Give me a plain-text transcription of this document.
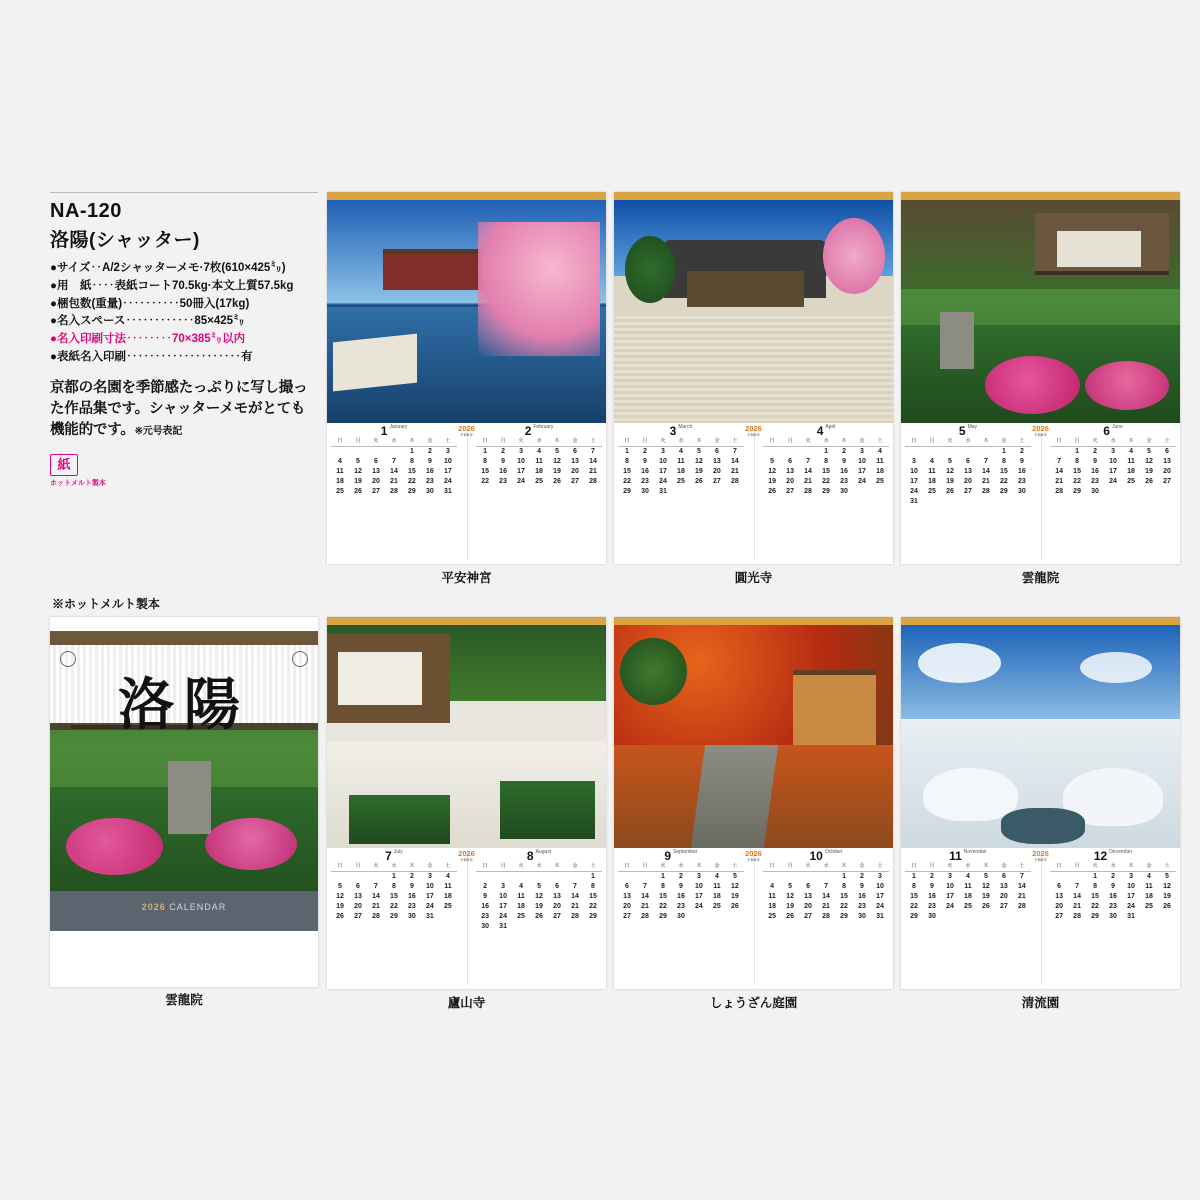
NA-120
洛陽(シャッター)
●サイズ‥A/2シャッターメモ·7枚(610×425㍉)
●用　紙‥‥表紙コート70.5kg·本文上質57.5kg
●梱包数(重量)‥‥‥‥‥50冊入(17kg)
●名入スペース‥‥‥‥‥‥85×425㍉
●名入印刷寸法‥‥‥‥70×385㍉以内
●表紙名入印刷‥‥‥‥‥‥‥‥‥‥有
京都の名園を季節感たっぷりに写し撮った作品集です。シャッターメモがとても機能的です。※元号表記
紙
ホットメルト製本
※ホットメルト製本
洛陽
2026 CALENDAR
雲龍院
2026
令和8年
1 $^{January}$
日	月	火	水	木	金	土
				1	2	3
4	5	6	7	8	9	10
11	12	13	14	15	16	17
18	19	20	21	22	23	24
25	26	27	28	29	30	31
2 $^{February}$
日	月	火	水	木	金	土
1	2	3	4	5	6	7
8	9	10	11	12	13	14
15	16	17	18	19	20	21
22	23	24	25	26	27	28
平安神宮
2026
令和8年
3 $^{March}$
日	月	火	水	木	金	土
1	2	3	4	5	6	7
8	9	10	11	12	13	14
15	16	17	18	19	20	21
22	23	24	25	26	27	28
29	30	31				
4 $^{April}$
日	月	火	水	木	金	土
			1	2	3	4
5	6	7	8	9	10	11
12	13	14	15	16	17	18
19	20	21	22	23	24	25
26	27	28	29	30		
圓光寺
2026
令和8年
5 $^{May}$
日	月	火	水	木	金	土
					1	2
3	4	5	6	7	8	9
10	11	12	13	14	15	16
17	18	19	20	21	22	23
24	25	26	27	28	29	30
31						
6 $^{June}$
日	月	火	水	木	金	土
	1	2	3	4	5	6
7	8	9	10	11	12	13
14	15	16	17	18	19	20
21	22	23	24	25	26	27
28	29	30				
雲龍院
2026
令和8年
7 $^{July}$
日	月	火	水	木	金	土
			1	2	3	4
5	6	7	8	9	10	11
12	13	14	15	16	17	18
19	20	21	22	23	24	25
26	27	28	29	30	31	
8 $^{August}$
日	月	火	水	木	金	土
						1
2	3	4	5	6	7	8
9	10	11	12	13	14	15
16	17	18	19	20	21	22
23	24	25	26	27	28	29
30	31					
廬山寺
2026
令和8年
9 $^{September}$
日	月	火	水	木	金	土
		1	2	3	4	5
6	7	8	9	10	11	12
13	14	15	16	17	18	19
20	21	22	23	24	25	26
27	28	29	30			
10 $^{October}$
日	月	火	水	木	金	土
				1	2	3
4	5	6	7	8	9	10
11	12	13	14	15	16	17
18	19	20	21	22	23	24
25	26	27	28	29	30	31
しょうざん庭園
2026
令和8年
11 $^{November}$
日	月	火	水	木	金	土
1	2	3	4	5	6	7
8	9	10	11	12	13	14
15	16	17	18	19	20	21
22	23	24	25	26	27	28
29	30					
12 $^{December}$
日	月	火	水	木	金	土
		1	2	3	4	5
6	7	8	9	10	11	12
13	14	15	16	17	18	19
20	21	22	23	24	25	26
27	28	29	30	31		
清流園
